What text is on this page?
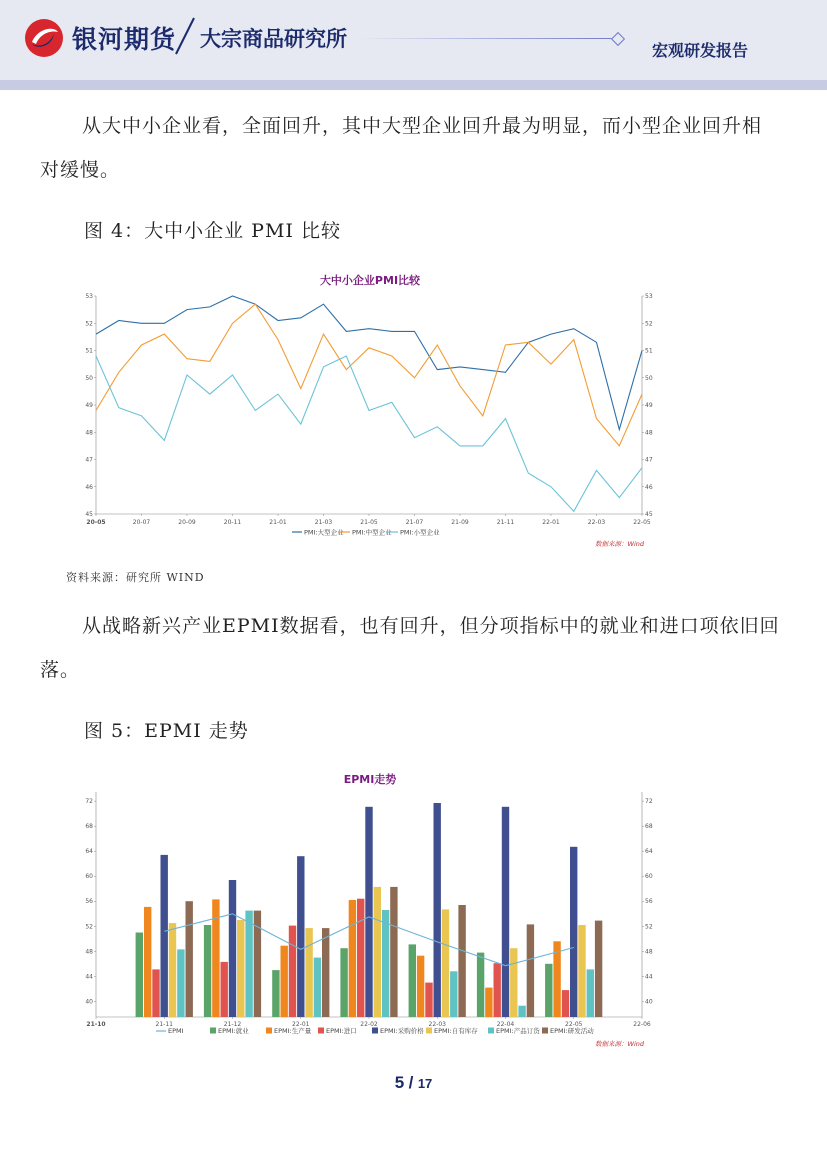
银河期货 大宗商品研究所	宏观研发报告
从大中小企业看，全面回升，其中大型企业回升最为明显，而小型企业回升相对缓慢。
图 4：大中小企业 PMI 比较
大中小企业PMI比较
45	45
46	46
47	47
48	48
49	49
50	50
51	51
52	52
53	53
20-05	20-07	20-09	20-11	21-01	21-03	21-05	21-07	21-09	21-11	22-01	22-03	22-05
PMI:大型企业 PMI:中型企业 PMI:小型企业
数据来源：Wind
资料来源：研究所 WIND
从战略新兴产业EPMI数据看，也有回升，但分项指标中的就业和进口项依旧回落。
图 5：EPMI 走势
EPMI走势
40	40
44	44
48	48
52	52
56	56
60	60
64	64
68	68
72	72
21-10	21-11	21-12	22-01	22-02	22-03	22-04	22-05	22-06
EPMI	EPMI:就业	EPMI:生产量 EPMI:进口	EPMI:采购价格 EPMI:自有库存	EPMI:产品订货 EPMI:研发活动
数据来源：Wind
5 / 17
